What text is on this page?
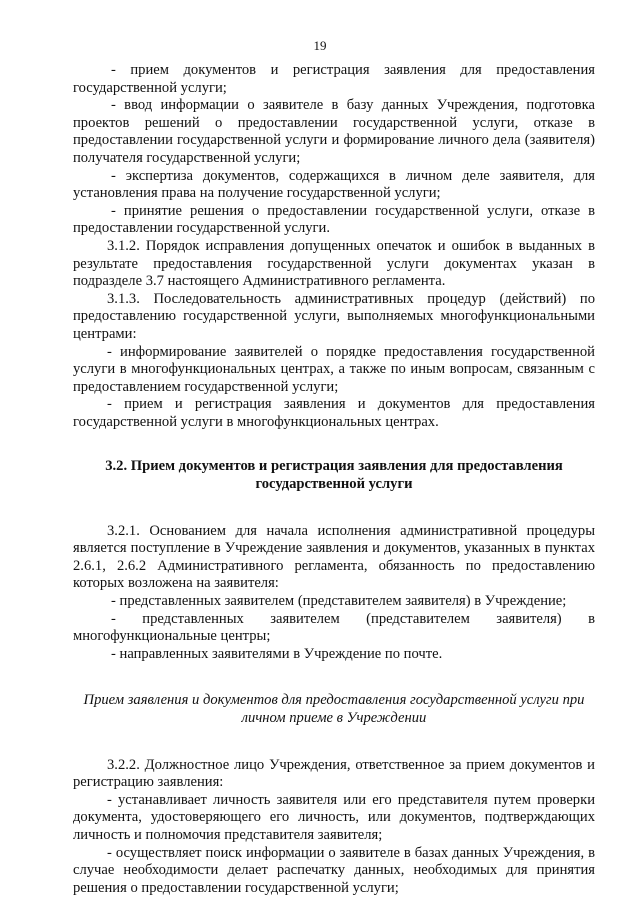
19

- прием документов и регистрация заявления для предоставления государственной услуги;

- ввод информации о заявителе в базу данных Учреждения, подготовка проектов решений о предоставлении государственной услуги, отказе в предоставлении государственной услуги и формирование личного дела (заявителя) получателя государственной услуги;

- экспертиза документов, содержащихся в личном деле заявителя, для установления права на получение государственной услуги;

- принятие решения о предоставлении государственной услуги, отказе в предоставлении государственной услуги.

3.1.2. Порядок исправления допущенных опечаток и ошибок в выданных в результате предоставления государственной услуги документах указан в подразделе 3.7 настоящего Административного регламента.

3.1.3. Последовательность административных процедур (действий) по предоставлению государственной услуги, выполняемых многофункциональными центрами:

- информирование заявителей о порядке предоставления государственной услуги в многофункциональных центрах, а также по иным вопросам, связанным с предоставлением государственной услуги;

- прием и регистрация заявления и документов для предоставления государственной услуги в многофункциональных центрах.

3.2. Прием документов и регистрация заявления для предоставления государственной услуги

3.2.1. Основанием для начала исполнения административной процедуры является поступление в Учреждение заявления и документов, указанных в пунктах 2.6.1, 2.6.2 Административного регламента, обязанность по предоставлению которых возложена на заявителя:

- представленных заявителем (представителем заявителя) в Учреждение;

- представленных заявителем (представителем заявителя) в многофункциональные центры;

- направленных заявителями в Учреждение по почте.

Прием заявления и документов для предоставления государственной услуги при личном приеме в Учреждении

3.2.2. Должностное лицо Учреждения, ответственное за прием документов и регистрацию заявления:

- устанавливает личность заявителя или его представителя путем проверки документа, удостоверяющего его личность, или документов, подтверждающих личность и полномочия представителя заявителя;

- осуществляет поиск информации о заявителе в базах данных Учреждения, в случае необходимости делает распечатку данных, необходимых для принятия решения о предоставлении государственной услуги;
